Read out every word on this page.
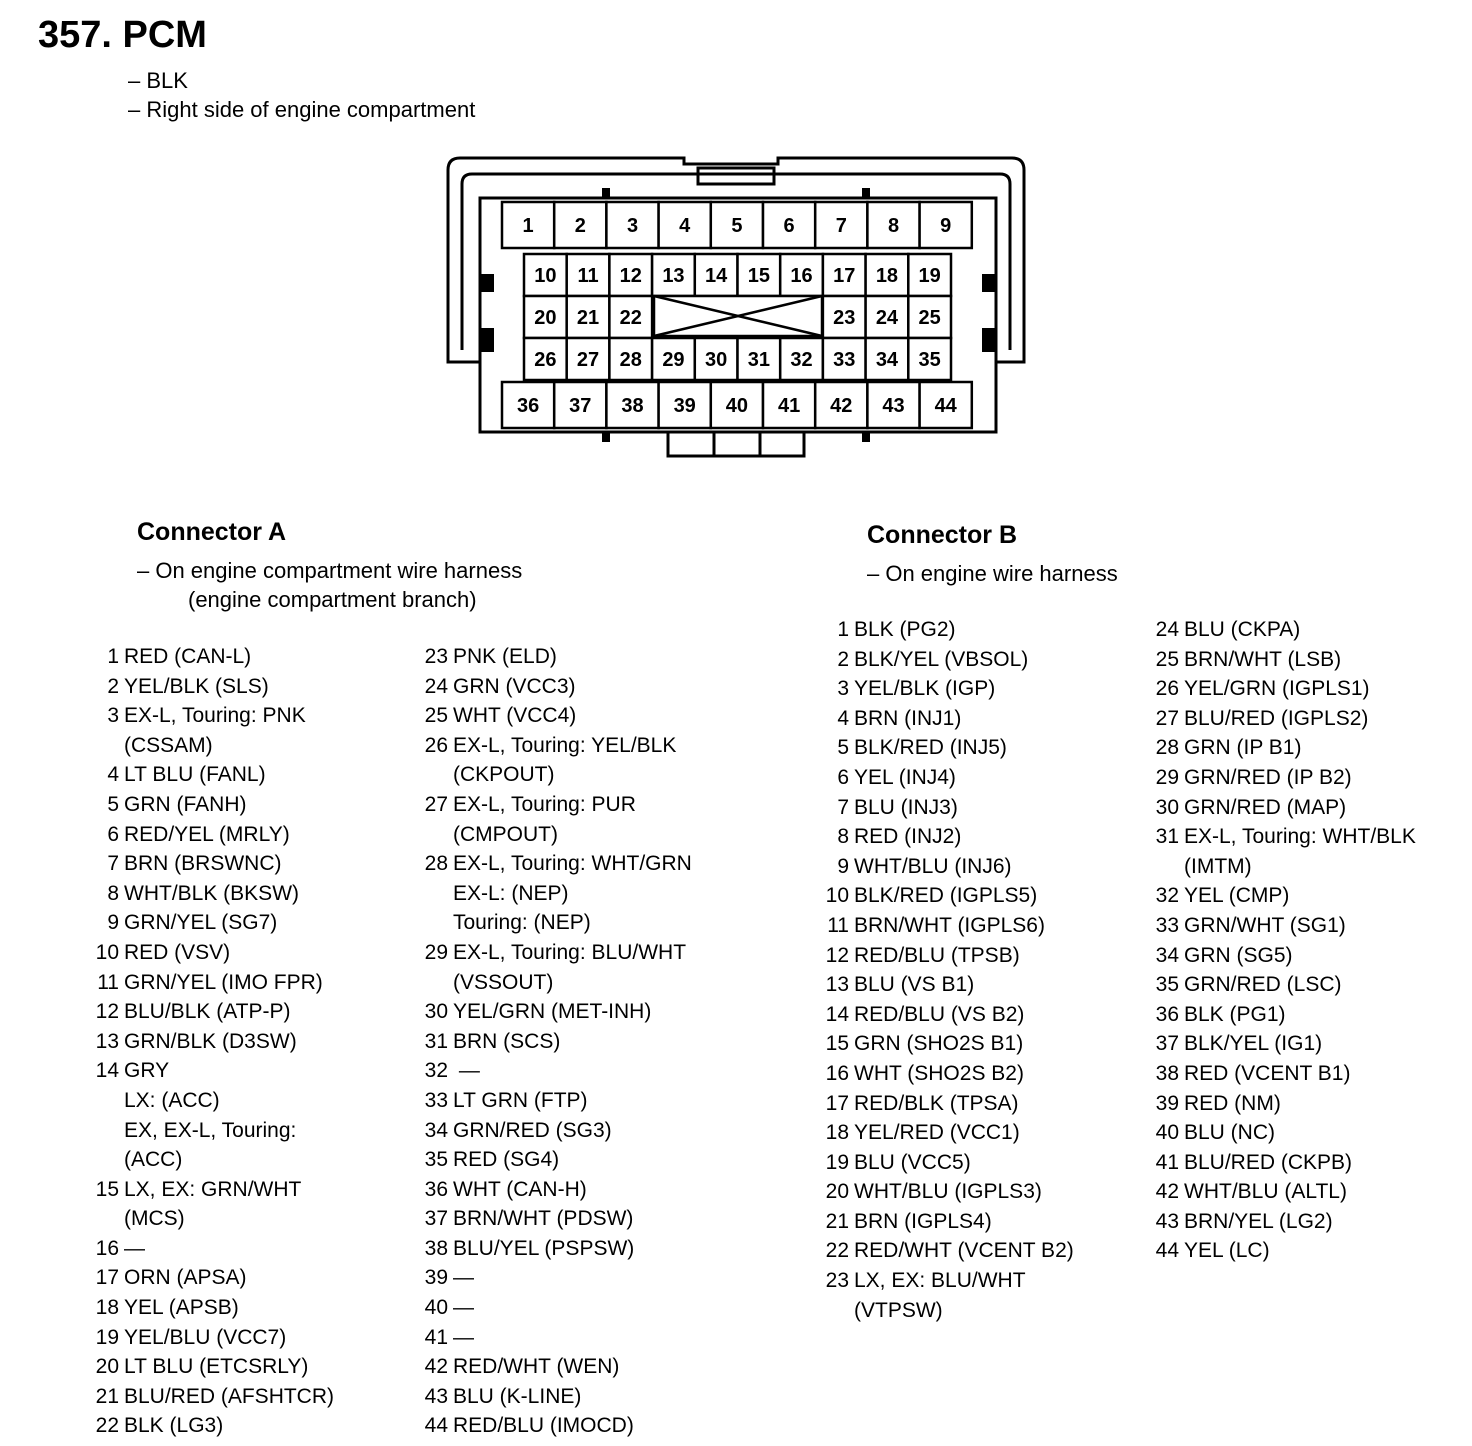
357. PCM
– BLK
– Right side of engine compartment
1 2 3 4 5 6 7 8 9
10 11 12 13 14 15 16 17 18 19
20 21 22	23 24 25
26 27 28 29 30 31 32 33 34 35
36 37 38 39 40 41 42 43 44
Connector A
– On engine compartment wire harness
(engine compartment branch)
Connector B
– On engine wire harness
1 RED (CAN-L)
2 YEL/BLK (SLS)
3 EX-L, Touring: PNK
(CSSAM)
4 LT BLU (FANL)
5 GRN (FANH)
6 RED/YEL (MRLY)
7 BRN (BRSWNC)
8 WHT/BLK (BKSW)
9 GRN/YEL (SG7)
10 RED (VSV)
11 GRN/YEL (IMO FPR)
12 BLU/BLK (ATP-P)
13 GRN/BLK (D3SW)
14 GRY
LX: (ACC)
EX, EX-L, Touring:
(ACC)
15 LX, EX: GRN/WHT
(MCS)
16 —
17 ORN (APSA)
18 YEL (APSB)
19 YEL/BLU (VCC7)
20 LT BLU (ETCSRLY)
21 BLU/RED (AFSHTCR)
22 BLK (LG3)
23 PNK (ELD)
24 GRN (VCC3)
25 WHT (VCC4)
26 EX-L, Touring: YEL/BLK
(CKPOUT)
27 EX-L, Touring: PUR
(CMPOUT)
28 EX-L, Touring: WHT/GRN
EX-L: (NEP)
Touring: (NEP)
29 EX-L, Touring: BLU/WHT
(VSSOUT)
30 YEL/GRN (MET-INH)
31 BRN (SCS)
32 —
33 LT GRN (FTP)
34 GRN/RED (SG3)
35 RED (SG4)
36 WHT (CAN-H)
37 BRN/WHT (PDSW)
38 BLU/YEL (PSPSW)
39 —
40 —
41 —
42 RED/WHT (WEN)
43 BLU (K-LINE)
44 RED/BLU (IMOCD)
1 BLK (PG2)
2 BLK/YEL (VBSOL)
3 YEL/BLK (IGP)
4 BRN (INJ1)
5 BLK/RED (INJ5)
6 YEL (INJ4)
7 BLU (INJ3)
8 RED (INJ2)
9 WHT/BLU (INJ6)
10 BLK/RED (IGPLS5)
11 BRN/WHT (IGPLS6)
12 RED/BLU (TPSB)
13 BLU (VS B1)
14 RED/BLU (VS B2)
15 GRN (SHO2S B1)
16 WHT (SHO2S B2)
17 RED/BLK (TPSA)
18 YEL/RED (VCC1)
19 BLU (VCC5)
20 WHT/BLU (IGPLS3)
21 BRN (IGPLS4)
22 RED/WHT (VCENT B2)
23 LX, EX: BLU/WHT
(VTPSW)
24 BLU (CKPA)
25 BRN/WHT (LSB)
26 YEL/GRN (IGPLS1)
27 BLU/RED (IGPLS2)
28 GRN (IP B1)
29 GRN/RED (IP B2)
30 GRN/RED (MAP)
31 EX-L, Touring: WHT/BLK
(IMTM)
32 YEL (CMP)
33 GRN/WHT (SG1)
34 GRN (SG5)
35 GRN/RED (LSC)
36 BLK (PG1)
37 BLK/YEL (IG1)
38 RED (VCENT B1)
39 RED (NM)
40 BLU (NC)
41 BLU/RED (CKPB)
42 WHT/BLU (ALTL)
43 BRN/YEL (LG2)
44 YEL (LC)
